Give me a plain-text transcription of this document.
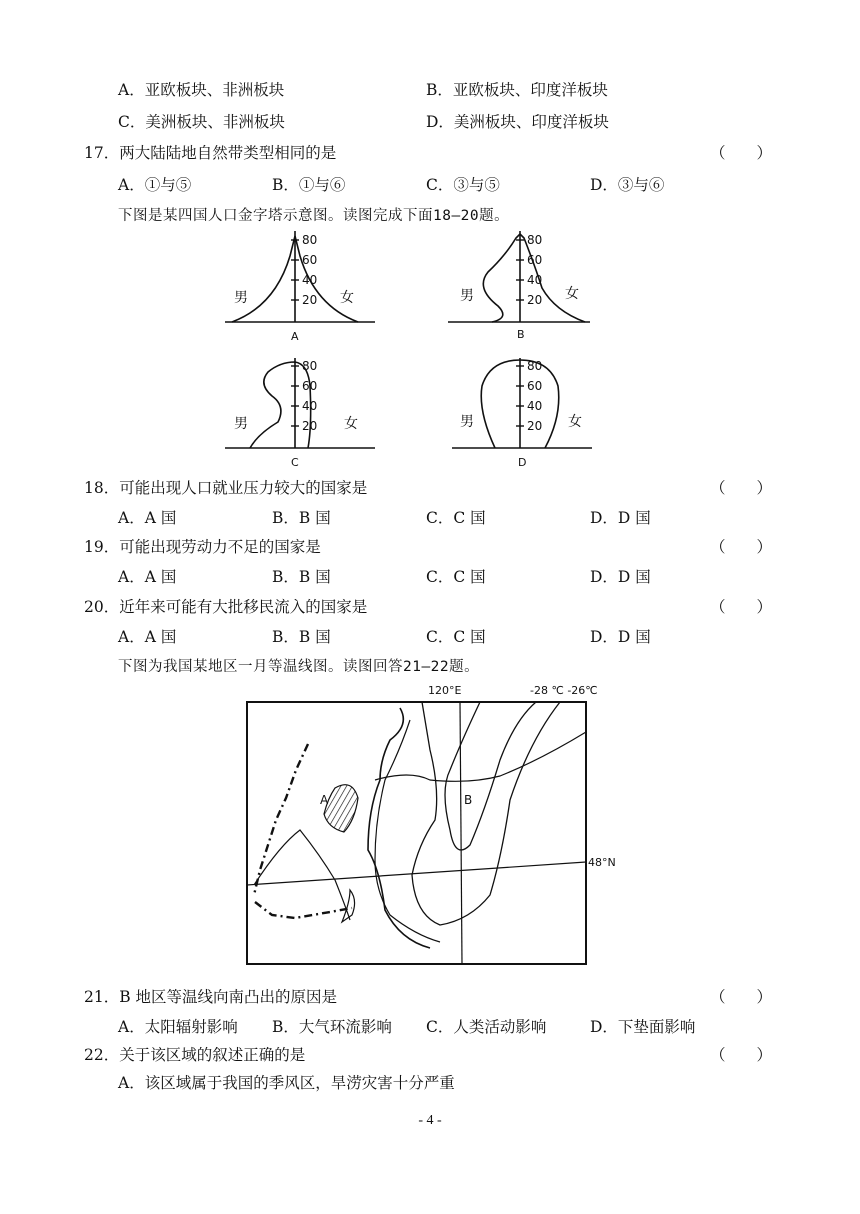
A．亚欧板块、非洲板块	B．亚欧板块、印度洋板块
C．美洲板块、非洲板块	D．美洲板块、印度洋板块
17．两大陆陆地自然带类型相同的是	（　　）
A．①与⑤	B．①与⑥	C．③与⑤	D．③与⑥
下图是某四国人口金字塔示意图。读图完成下面18—20题。
80
60
40
20
80
60
40
20
80
60
40
20
80
60
40
20
男	女	男	女
男	女	男	女
A	B
C	D
18．可能出现人口就业压力较大的国家是	（　　）
A．A 国	B．B 国	C．C 国	D．D 国
19．可能出现劳动力不足的国家是	（　　）
A．A 国	B．B 国	C．C 国	D．D 国
20．近年来可能有大批移民流入的国家是	（　　）
A．A 国	B．B 国	C．C 国	D．D 国
下图为我国某地区一月等温线图。读图回答21—22题。
120°E	-28 ℃ -26℃
48°N
A	B
21．B 地区等温线向南凸出的原因是	（　　）
A．太阳辐射影响 B．大气环流影响 C．人类活动影响	D．下垫面影响
22．关于该区域的叙述正确的是	（　　）
A．该区域属于我国的季风区，旱涝灾害十分严重
- 4 -
